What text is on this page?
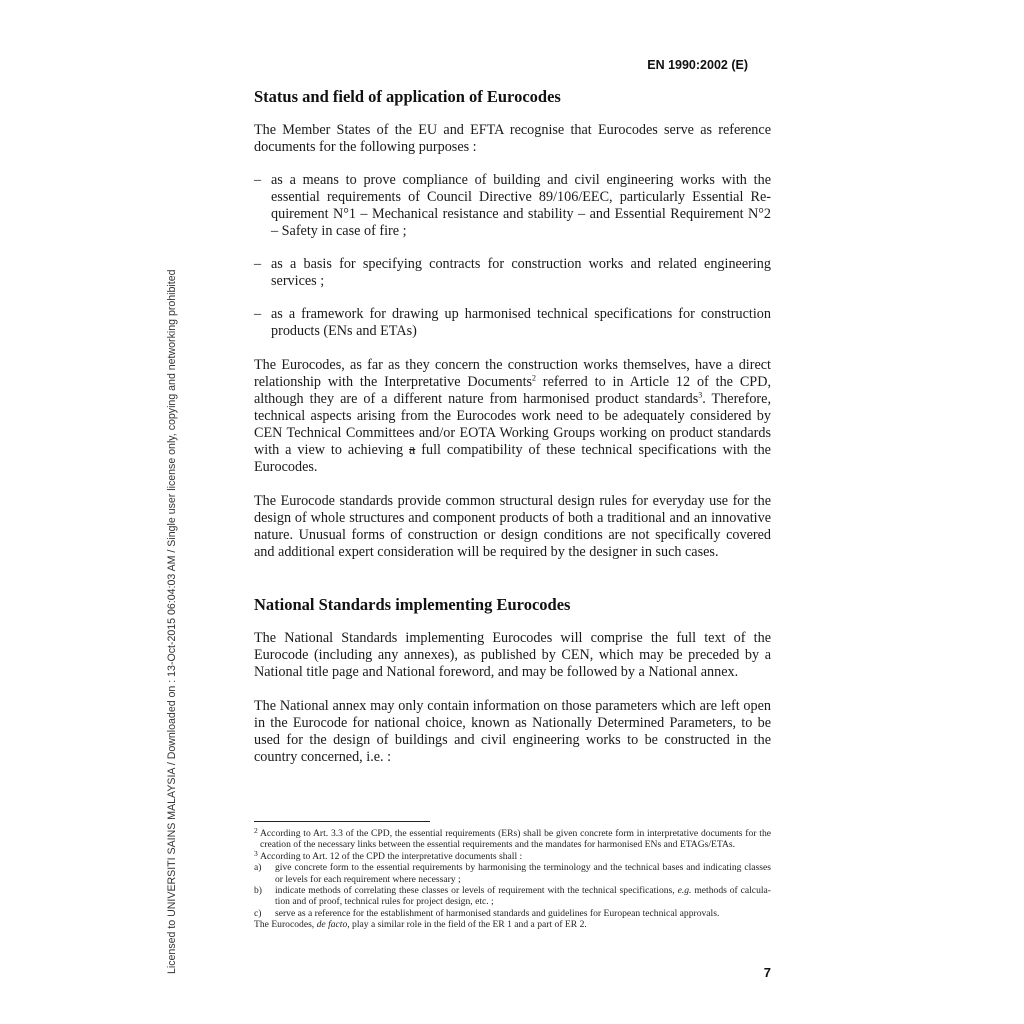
Licensed to UNIVERSITI SAINS MALAYSIA / Downloaded on : 13-Oct-2015 06:04:03 AM / Single user license only, copying and networking prohibited
EN 1990:2002 (E)
Status and field of application of Eurocodes

The Member States of the EU and EFTA recognise that Eurocodes serve as reference documents for the following purposes :

– as a means to prove compliance of building and civil engineering works with the essential requirements of Council Directive 89/106/EEC, particularly Essential Requirement N°1 – Mechanical resistance and stability – and Essential Requirement N°2 – Safety in case of fire ;
– as a basis for specifying contracts for construction works and related engineering services ;
– as a framework for drawing up harmonised technical specifications for construction products (ENs and ETAs)

The Eurocodes, as far as they concern the construction works themselves, have a direct relationship with the Interpretative Documents$^2$ referred to in Article 12 of the CPD, although they are of a different nature from harmonised product standards$^3$. Therefore, technical aspects arising from the Eurocodes work need to be adequately considered by CEN Technical Committees and/or EOTA Working Groups working on product standards with a view to achieving a full compatibility of these technical specifications with the Eurocodes.

The Eurocode standards provide common structural design rules for everyday use for the design of whole structures and component products of both a traditional and an innovative nature. Unusual forms of construction or design conditions are not specifically covered and additional expert consideration will be required by the designer in such cases.

National Standards implementing Eurocodes

The National Standards implementing Eurocodes will comprise the full text of the Eurocode (including any annexes), as published by CEN, which may be preceded by a National title page and National foreword, and may be followed by a National annex.

The National annex may only contain information on those parameters which are left open in the Eurocode for national choice, known as Nationally Determined Parameters, to be used for the design of buildings and civil engineering works to be constructed in the country concerned, i.e. :

2 According to Art. 3.3 of the CPD, the essential requirements (ERs) shall be given concrete form in interpretative documents for the creation of the necessary links between the essential requirements and the mandates for harmonised ENs and ETAGs/ETAs.
3 According to Art. 12 of the CPD the interpretative documents shall :
a) give concrete form to the essential requirements by harmonising the terminology and the technical bases and indicating classes or levels for each requirement where necessary ;
b) indicate methods of correlating these classes or levels of requirement with the technical specifications, e.g. methods of calculation and of proof, technical rules for project design, etc. ;
c) serve as a reference for the establishment of harmonised standards and guidelines for European technical approvals.
The Eurocodes, de facto, play a similar role in the field of the ER 1 and a part of ER 2.
7
